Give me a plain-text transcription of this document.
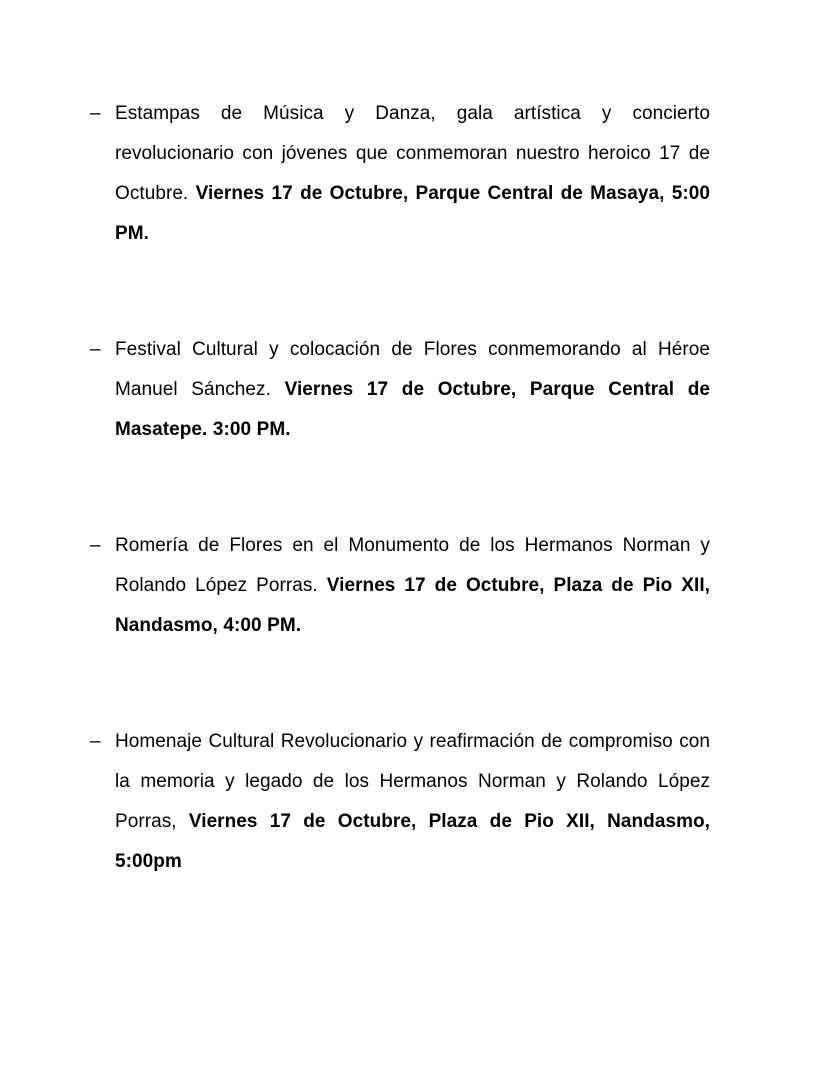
– Estampas de Música y Danza, gala artística y concierto revolucionario con jóvenes que conmemoran nuestro heroico 17 de Octubre. Viernes 17 de Octubre, Parque Central de Masaya, 5:00 PM.

– Festival Cultural y colocación de Flores conmemorando al Héroe Manuel Sánchez. Viernes 17 de Octubre, Parque Central de Masatepe. 3:00 PM.

– Romería de Flores en el Monumento de los Hermanos Norman y Rolando López Porras. Viernes 17 de Octubre, Plaza de Pio XII, Nandasmo, 4:00 PM.

– Homenaje Cultural Revolucionario y reafirmación de compromiso con la memoria y legado de los Hermanos Norman y Rolando López Porras, Viernes 17 de Octubre, Plaza de Pio XII, Nandasmo, 5:00pm
